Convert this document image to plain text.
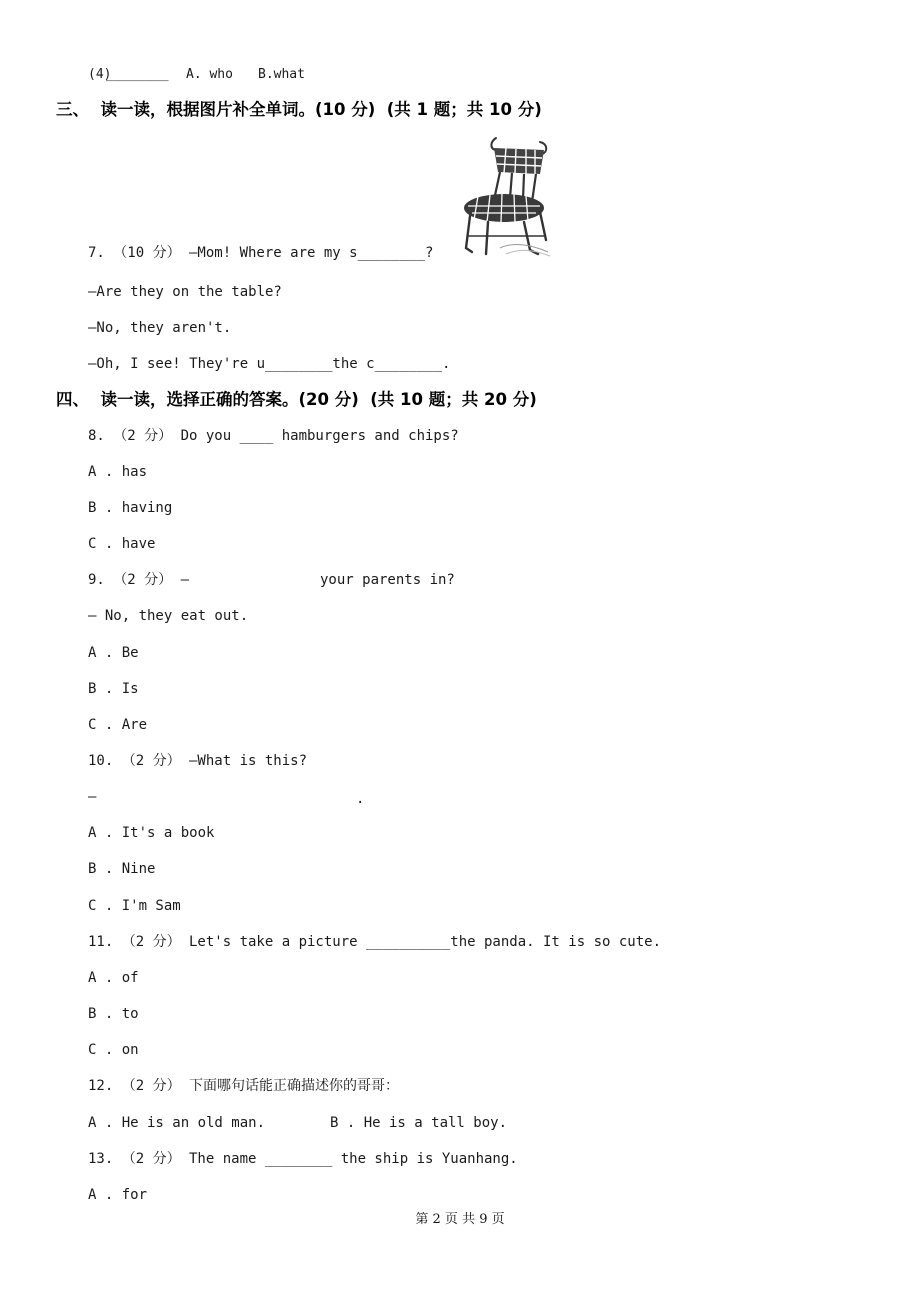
(4)
________ A. who B.what
三、  读一读，根据图片补全单词。(10 分)  (共 1 题；共 10 分)
7. （10 分） —Mom! Where are my s________?
—Are they on the table?
—No, they aren't.
—Oh, I see! They're u________the c________.
四、  读一读，选择正确的答案。(20 分)  (共 10 题；共 20 分)
8. （2 分） Do you ____ hamburgers and chips?
A . has
B . having
C . have
9. （2 分） —	your parents in?
— No, they eat out.
A . Be
B . Is
C . Are
10. （2 分） —What is this?
—	.
A . It's a book
B . Nine
C . I'm Sam
11. （2 分） Let's take a picture __________the panda. It is so cute.
A . of
B . to
C . on
12. （2 分） 下面哪句话能正确描述你的哥哥：
A . He is an old man.	B . He is a tall boy.
13. （2 分） The name ________ the ship is Yuanhang.
A . for
第 2 页 共 9 页
